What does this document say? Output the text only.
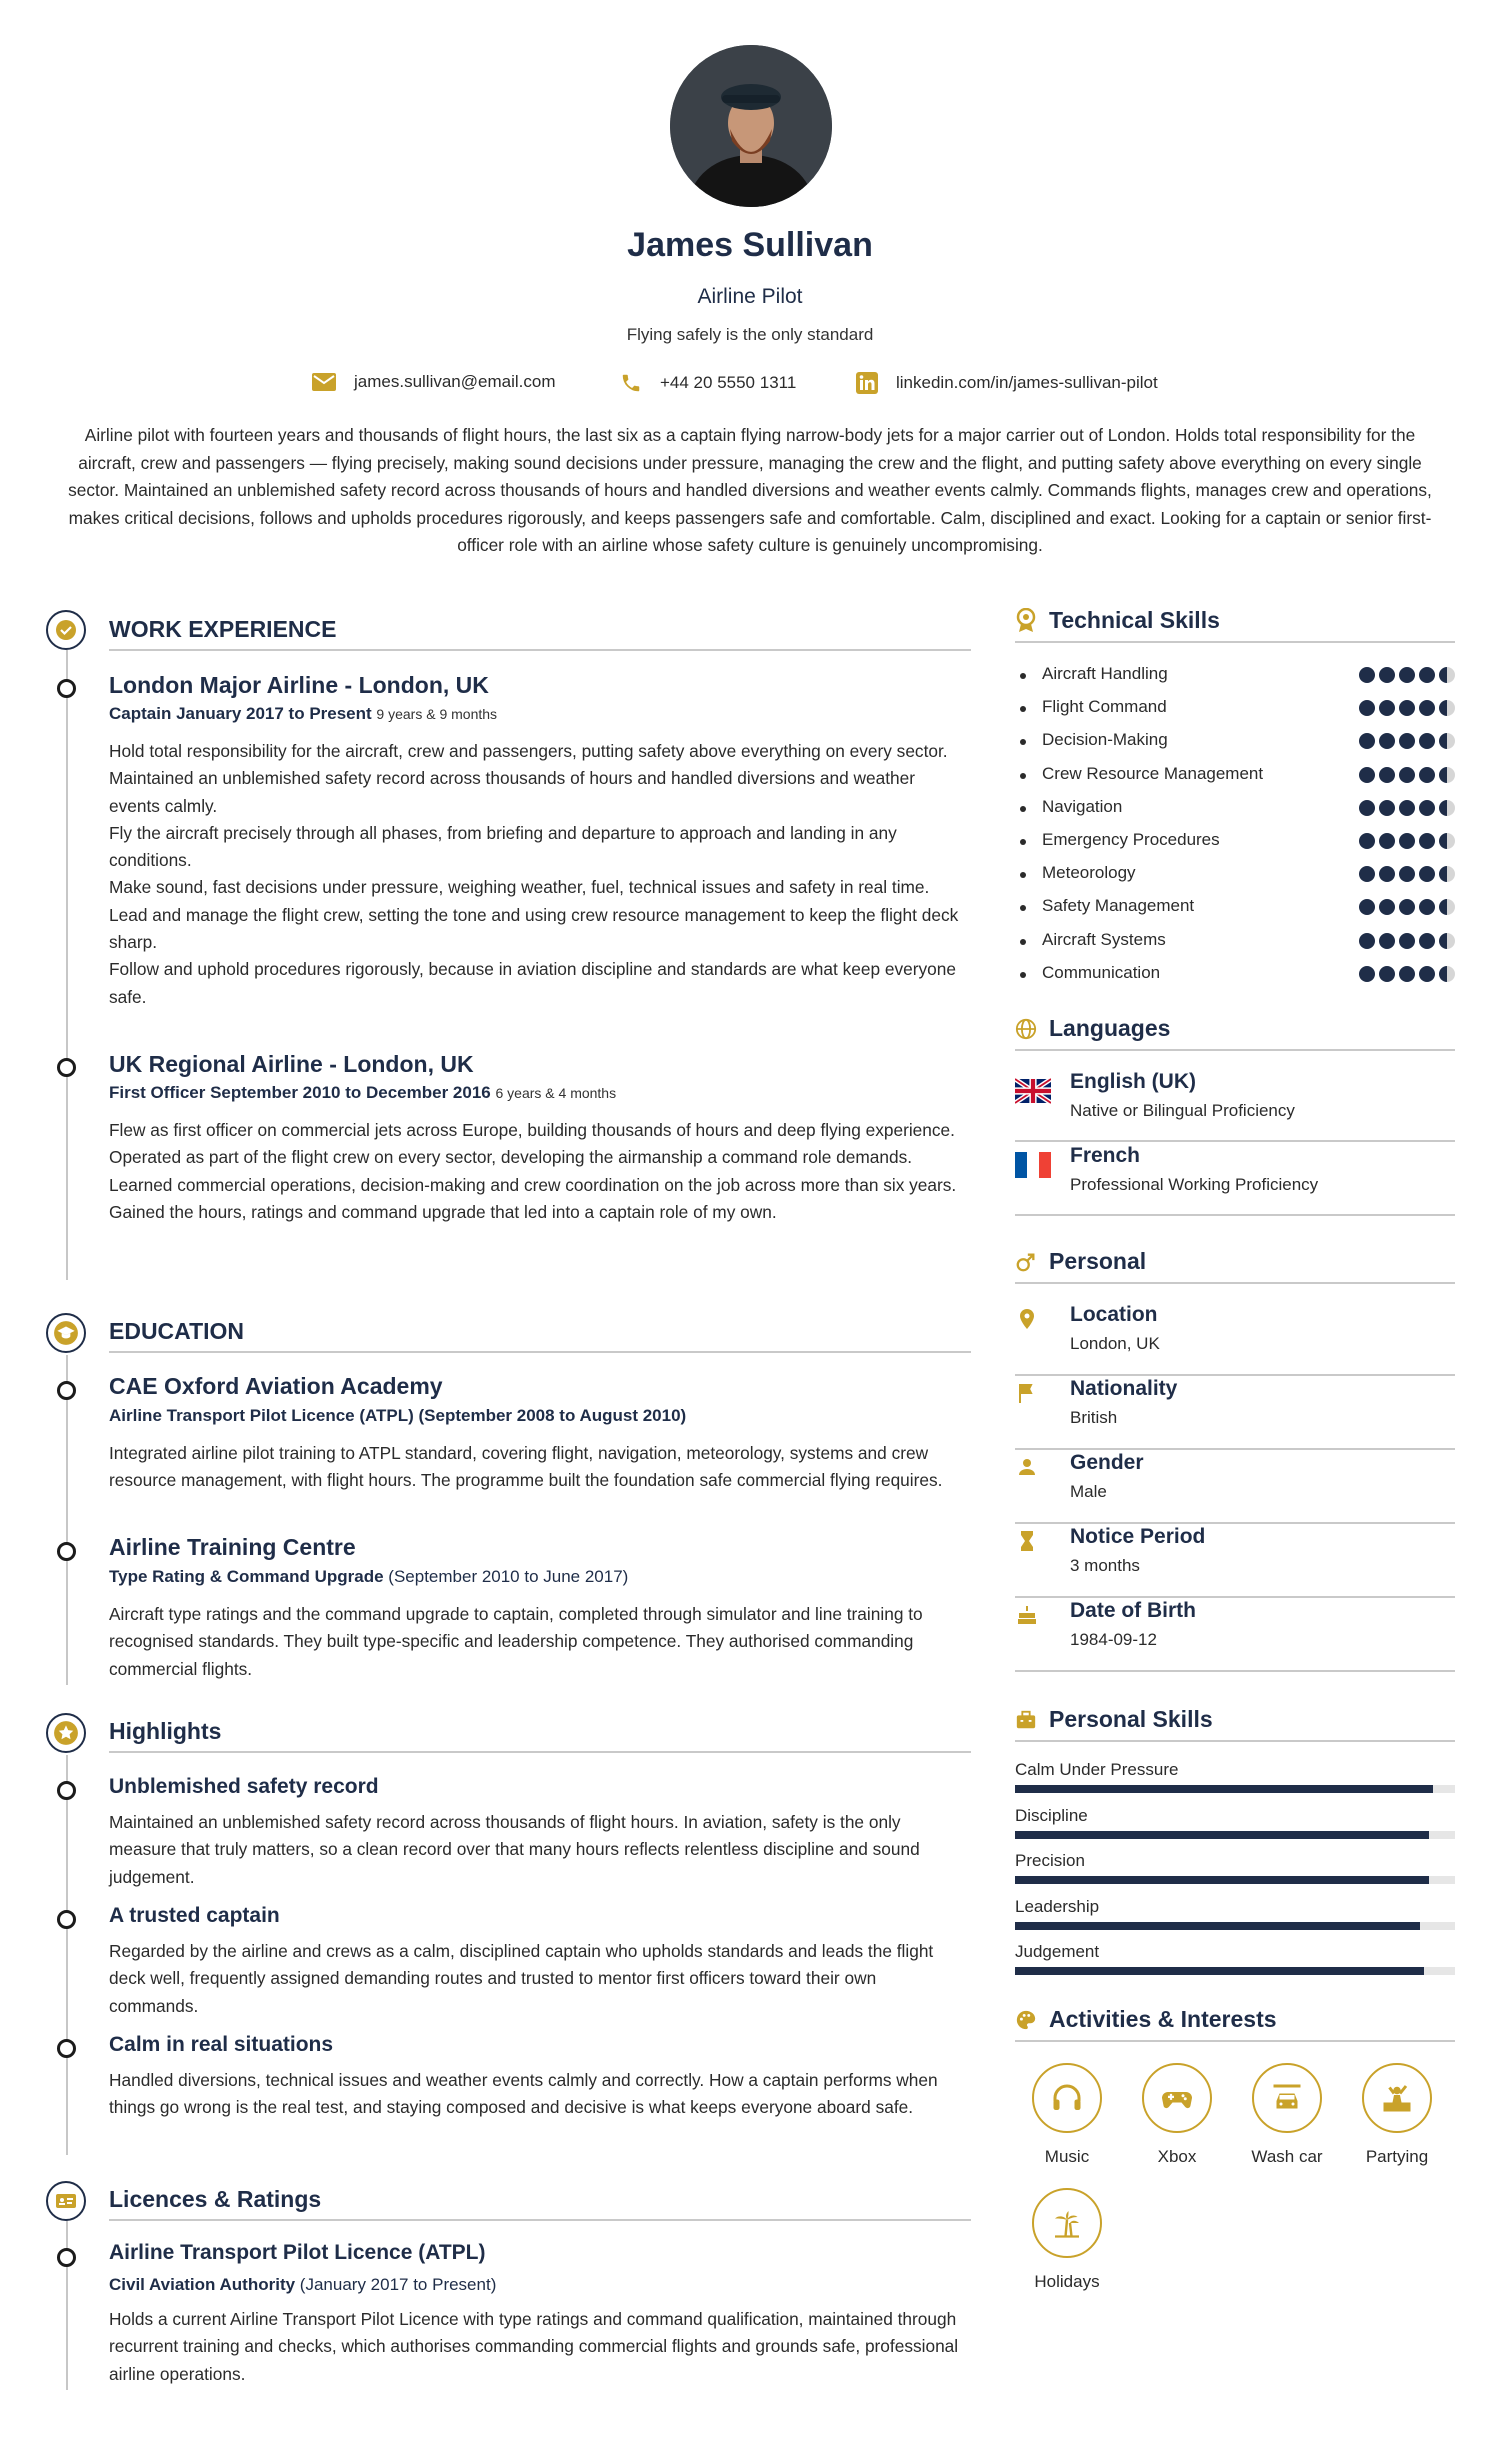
James Sullivan
Airline Pilot
Flying safely is the only standard
james.sullivan@email.com	+44 20 5550 1311	linkedin.com/in/james-sullivan-pilot
Airline pilot with fourteen years and thousands of flight hours, the last six as a captain flying narrow-body jets for a major carrier out of London. Holds total responsibility for the aircraft, crew and passengers — flying precisely, making sound decisions under pressure, managing the crew and the flight, and putting safety above everything on every single sector. Maintained an unblemished safety record across thousands of hours and handled diversions and weather events calmly. Commands flights, manages crew and operations, makes critical decisions, follows and upholds procedures rigorously, and keeps passengers safe and comfortable. Calm, disciplined and exact. Looking for a captain or senior first-officer role with an airline whose safety culture is genuinely uncompromising.
WORK EXPERIENCE
London Major Airline - London, UK
Captain January 2017 to Present 9 years & 9 months

Hold total responsibility for the aircraft, crew and passengers, putting safety above everything on every sector.

Maintained an unblemished safety record across thousands of hours and handled diversions and weather events calmly.

Fly the aircraft precisely through all phases, from briefing and departure to approach and landing in any conditions.

Make sound, fast decisions under pressure, weighing weather, fuel, technical issues and safety in real time.

Lead and manage the flight crew, setting the tone and using crew resource management to keep the flight deck sharp.

Follow and uphold procedures rigorously, because in aviation discipline and standards are what keep everyone safe.

UK Regional Airline - London, UK
First Officer September 2010 to December 2016 6 years & 4 months

Flew as first officer on commercial jets across Europe, building thousands of hours and deep flying experience.

Operated as part of the flight crew on every sector, developing the airmanship a command role demands.

Learned commercial operations, decision-making and crew coordination on the job across more than six years.

Gained the hours, ratings and command upgrade that led into a captain role of my own.

EDUCATION
CAE Oxford Aviation Academy
Airline Transport Pilot Licence (ATPL) (September 2008 to August 2010)
Integrated airline pilot training to ATPL standard, covering flight, navigation, meteorology, systems and crew resource management, with flight hours. The programme built the foundation safe commercial flying requires.
Airline Training Centre
Type Rating & Command Upgrade (September 2010 to June 2017)
Aircraft type ratings and the command upgrade to captain, completed through simulator and line training to recognised standards. They built type-specific and leadership competence. They authorised commanding commercial flights.
Highlights
Unblemished safety record
Maintained an unblemished safety record across thousands of flight hours. In aviation, safety is the only measure that truly matters, so a clean record over that many hours reflects relentless discipline and sound judgement.
A trusted captain
Regarded by the airline and crews as a calm, disciplined captain who upholds standards and leads the flight deck well, frequently assigned demanding routes and trusted to mentor first officers toward their own commands.
Calm in real situations
Handled diversions, technical issues and weather events calmly and correctly. How a captain performs when things go wrong is the real test, and staying composed and decisive is what keeps everyone aboard safe.
Licences & Ratings
Airline Transport Pilot Licence (ATPL)
Civil Aviation Authority (January 2017 to Present)
Holds a current Airline Transport Pilot Licence with type ratings and command qualification, maintained through recurrent training and checks, which authorises commanding commercial flights and grounds safe, professional airline operations.
Technical Skills
Aircraft Handling
Flight Command
Decision-Making
Crew Resource Management
Navigation
Emergency Procedures
Meteorology
Safety Management
Aircraft Systems
Communication
Languages
English (UK)
Native or Bilingual Proficiency
French
Professional Working Proficiency
Personal
Location
London, UK
Nationality
British
Gender
Male
Notice Period
3 months
Date of Birth
1984-09-12
Personal Skills
Calm Under Pressure
Discipline
Precision
Leadership
Judgement
Activities & Interests
Music	Xbox	Wash car	Partying
Holidays
